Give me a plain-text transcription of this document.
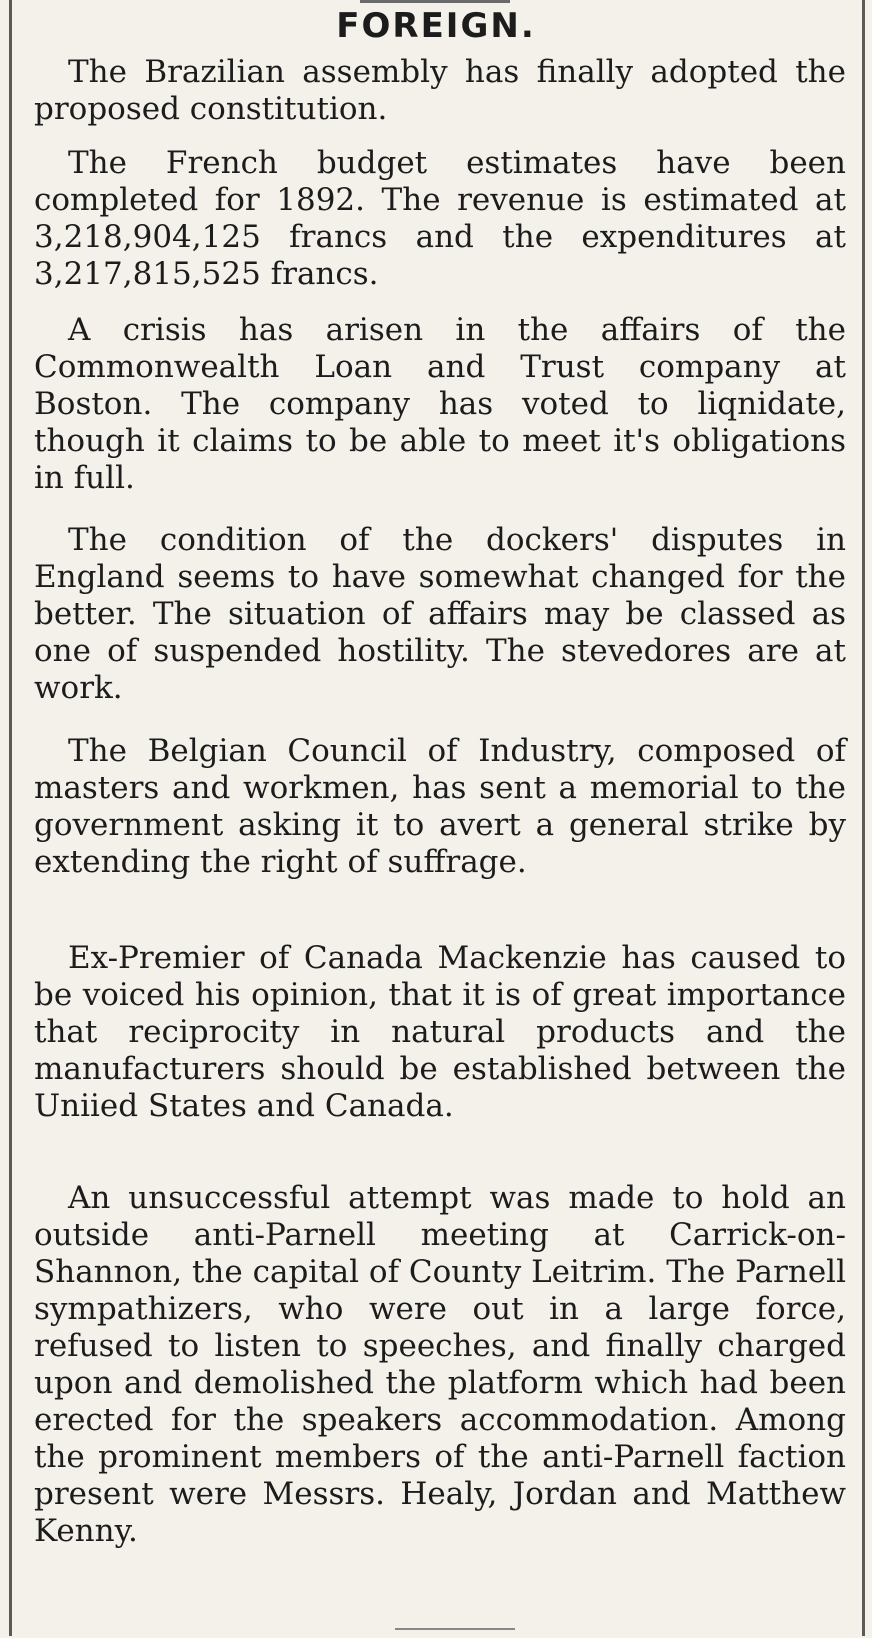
FOREIGN.

The Brazilian assembly has finally adopted the proposed constitution.

The French budget estimates have been completed for 1892. The revenue is estimated at 3,218,904,125 francs and the expenditures at 3,217,815,525 francs.

A crisis has arisen in the affairs of the Commonwealth Loan and Trust company at Boston. The company has voted to liqnidate, though it claims to be able to meet it's obligations in full.

The condition of the dockers' disputes in England seems to have somewhat changed for the better. The situation of affairs may be classed as one of suspended hostility. The stevedores are at work.

The Belgian Council of Industry, composed of masters and workmen, has sent a memorial to the government asking it to avert a general strike by extending the right of suffrage.

Ex-Premier of Canada Mackenzie has caused to be voiced his opinion, that it is of great importance that reciprocity in natural products and the manufacturers should be established between the Uniied States and Canada.

An unsuccessful attempt was made to hold an outside anti-Parnell meeting at Carrick-on-Shannon, the capital of County Leitrim. The Parnell sympathizers, who were out in a large force, refused to listen to speeches, and finally charged upon and demolished the platform which had been erected for the speakers accommodation. Among the prominent members of the anti-Parnell faction present were Messrs. Healy, Jordan and Matthew Kenny.
